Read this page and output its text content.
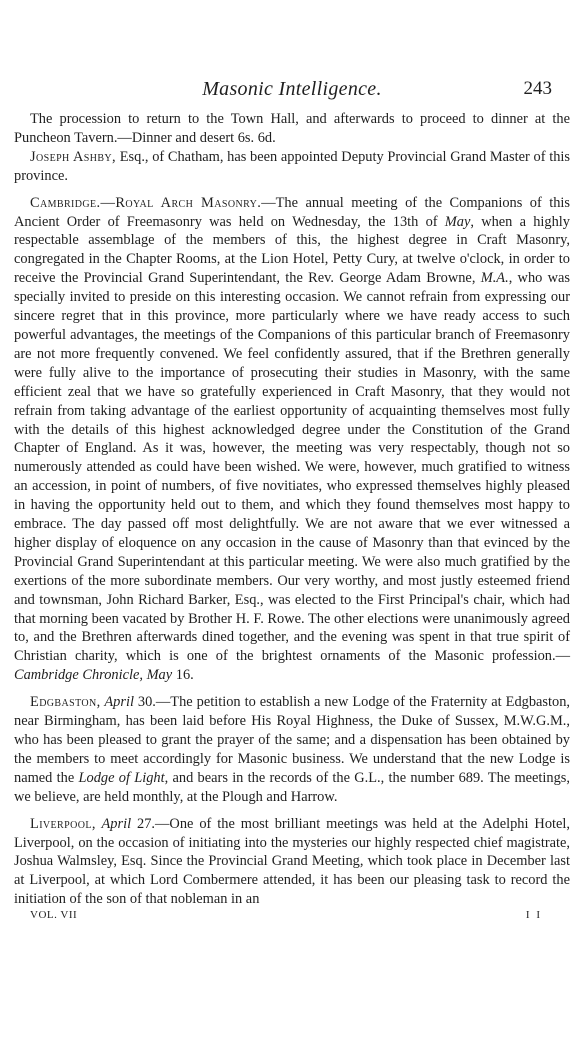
Masonic Intelligence.	243

The procession to return to the Town Hall, and afterwards to proceed to dinner at the Puncheon Tavern.—Dinner and desert 6s. 6d.

Joseph Ashby, Esq., of Chatham, has been appointed Deputy Provincial Grand Master of this province.

Cambridge.—Royal Arch Masonry.—The annual meeting of the Companions of this Ancient Order of Freemasonry was held on Wednesday, the 13th of May, when a highly respectable assemblage of the members of this, the highest degree in Craft Masonry, congregated in the Chapter Rooms, at the Lion Hotel, Petty Cury, at twelve o'clock, in order to receive the Provincial Grand Superintendant, the Rev. George Adam Browne, M.A., who was specially invited to preside on this interesting occasion. We cannot refrain from expressing our sincere regret that in this province, more particularly where we have ready access to such powerful advantages, the meetings of the Companions of this particular branch of Freemasonry are not more frequently convened. We feel confidently assured, that if the Brethren generally were fully alive to the importance of prosecuting their studies in Masonry, with the same efficient zeal that we have so gratefully experienced in Craft Masonry, that they would not refrain from taking advantage of the earliest opportunity of acquainting themselves most fully with the details of this highest acknowledged degree under the Constitution of the Grand Chapter of England. As it was, however, the meeting was very respectably, though not so numerously attended as could have been wished. We were, however, much gratified to witness an accession, in point of numbers, of five novitiates, who expressed themselves highly pleased in having the opportunity held out to them, and which they found themselves most happy to embrace. The day passed off most delightfully. We are not aware that we ever witnessed a higher display of eloquence on any occasion in the cause of Masonry than that evinced by the Provincial Grand Superintendant at this particular meeting. We were also much gratified by the exertions of the more subordinate members. Our very worthy, and most justly esteemed friend and townsman, John Richard Barker, Esq., was elected to the First Principal's chair, which had that morning been vacated by Brother H. F. Rowe. The other elections were unanimously agreed to, and the Brethren afterwards dined together, and the evening was spent in that true spirit of Christian charity, which is one of the brightest ornaments of the Masonic profession.—Cambridge Chronicle, May 16.

Edgbaston, April 30.—The petition to establish a new Lodge of the Fraternity at Edgbaston, near Birmingham, has been laid before His Royal Highness, the Duke of Sussex, M.W.G.M., who has been pleased to grant the prayer of the same; and a dispensation has been obtained by the members to meet accordingly for Masonic business. We understand that the new Lodge is named the Lodge of Light, and bears in the records of the G.L., the number 689. The meetings, we believe, are held monthly, at the Plough and Harrow.

Liverpool, April 27.—One of the most brilliant meetings was held at the Adelphi Hotel, Liverpool, on the occasion of initiating into the mysteries our highly respected chief magistrate, Joshua Walmsley, Esq. Since the Provincial Grand Meeting, which took place in December last at Liverpool, at which Lord Combermere attended, it has been our pleasing task to record the initiation of the son of that nobleman in an

VOL. VII	I I
